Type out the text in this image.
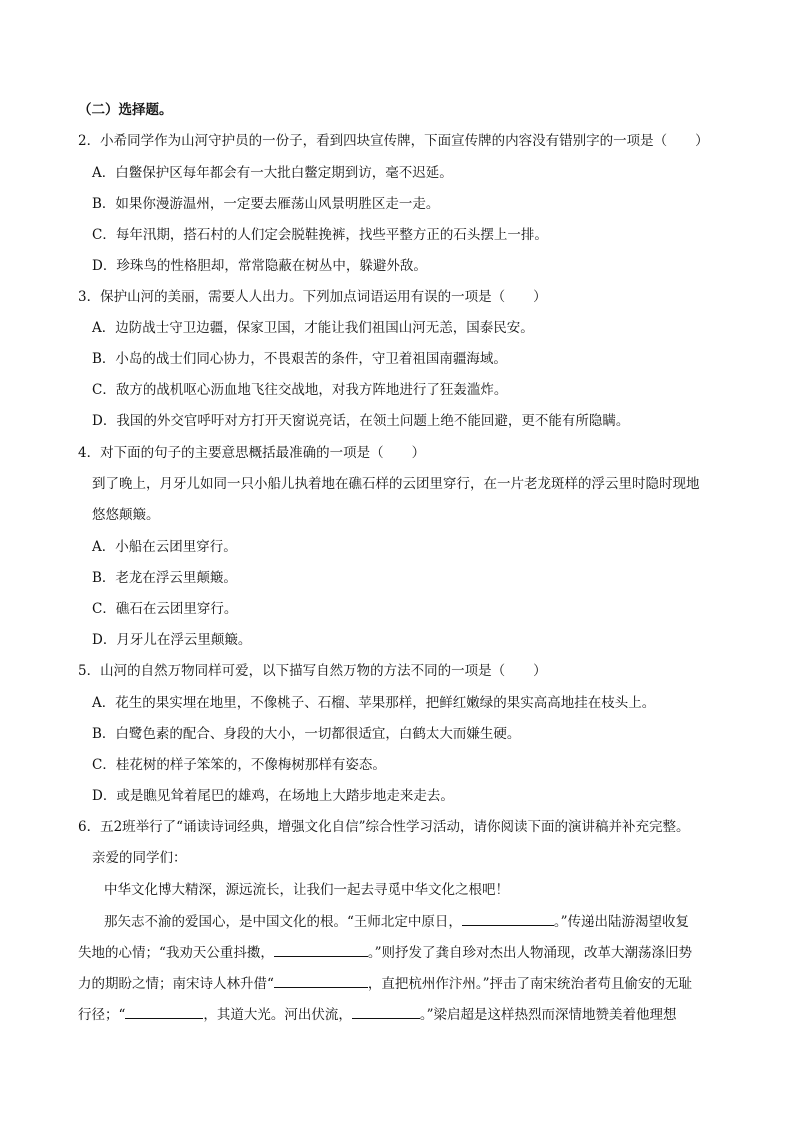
（二）选择题。
2．小希同学作为山河守护员的一份子，看到四块宣传牌，下面宣传牌的内容没有错别字的一项是（ ）
A．白鳖保护区每年都会有一大批白鳖定期到访，毫不迟延。
B．如果你漫游温州，一定要去雁荡山风景明胜区走一走。
C．每年汛期，搭石村的人们定会脱鞋挽裤，找些平整方正的石头摆上一排。
D．珍珠鸟的性格胆却，常常隐蔽在树丛中，躲避外敌。
3．保护山河的美丽，需要人人出力。下列加点词语运用有误的一项是（ ）
A．边防战士守卫边疆，保家卫国，才能让我们祖国山河无恙，国泰民安。
B．小岛的战士们同心协力，不畏艰苦的条件，守卫着祖国南疆海域。
C．敌方的战机呕心沥血地飞往交战地，对我方阵地进行了狂轰滥炸。
D．我国的外交官呼吁对方打开天窗说亮话，在领土问题上绝不能回避，更不能有所隐瞒。
4．对下面的句子的主要意思概括最准确的一项是（ ）
到了晚上，月牙儿如同一只小船儿执着地在礁石样的云团里穿行，在一片老龙斑样的浮云里时隐时现地
悠悠颠簸。
A．小船在云团里穿行。
B．老龙在浮云里颠簸。
C．礁石在云团里穿行。
D．月牙儿在浮云里颠簸。
5．山河的自然万物同样可爱，以下描写自然万物的方法不同的一项是（ ）
A．花生的果实埋在地里，不像桃子、石榴、苹果那样，把鲜红嫩绿的果实高高地挂在枝头上。
B．白鹭色素的配合、身段的大小，一切都很适宜，白鹤太大而嫌生硬。
C．桂花树的样子笨笨的，不像梅树那样有姿态。
D．或是瞧见耸着尾巴的雄鸡，在场地上大踏步地走来走去。
6．五2班举行了“诵读诗词经典，增强文化自信”综合性学习活动，请你阅读下面的演讲稿并补充完整。
亲爱的同学们：
中华文化博大精深，源远流长，让我们一起去寻觅中华文化之根吧！
那矢志不渝的爱国心，是中国文化的根。“王师北定中原日，	。”传递出陆游渴望收复
失地的心情；“我劝天公重抖擞，	。”则抒发了龚自珍对杰出人物涌现，改革大潮荡涤旧势
力的期盼之情；南宋诗人林升借“	，直把杭州作汴州。”抨击了南宋统治者苟且偷安的无耻
行径；“	，其道大光。河出伏流，	。”梁启超是这样热烈而深情地赞美着他理想
